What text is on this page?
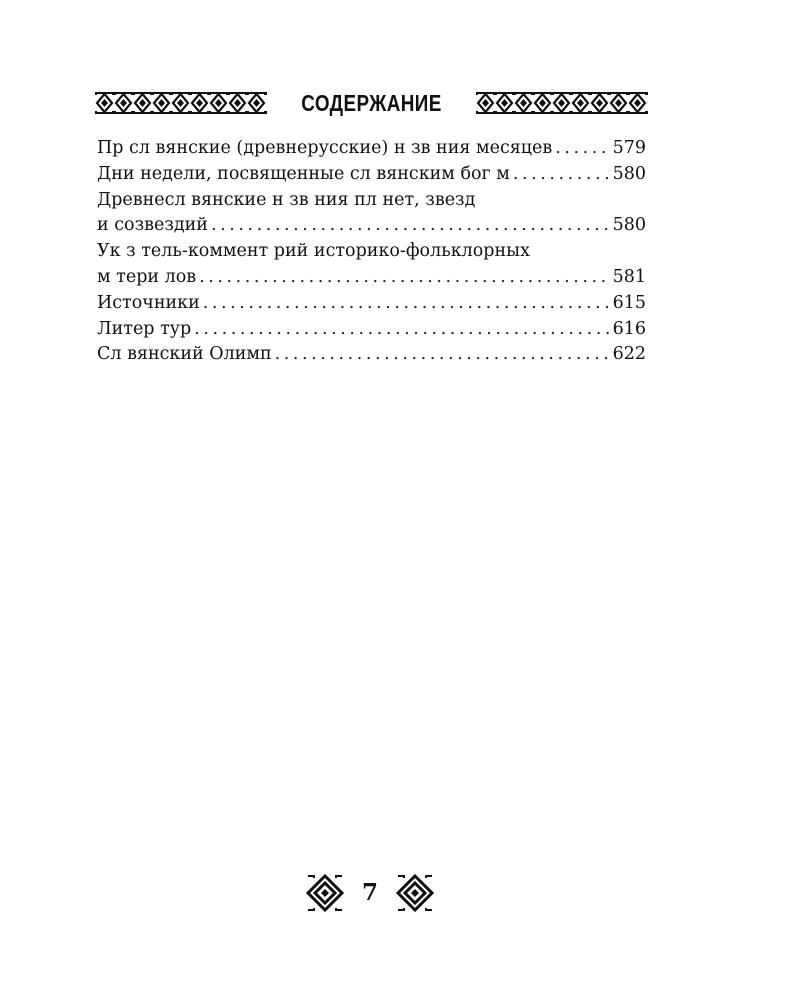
СОДЕРЖАНИЕ
Пр сл вянские (древнерусские) н зв ния месяцев . . .	579
Дни недели, посвященные сл вянским бог м . . .	580
Древнесл вянские н зв ния пл нет, звезд
и созвездий . . .	580
Ук з тель-коммент рий историко-фольклорных
м тери лов . . .	581
Источники . . .	615
Литер тур . . .	616
Сл вянский Олимп . . .	622
7
